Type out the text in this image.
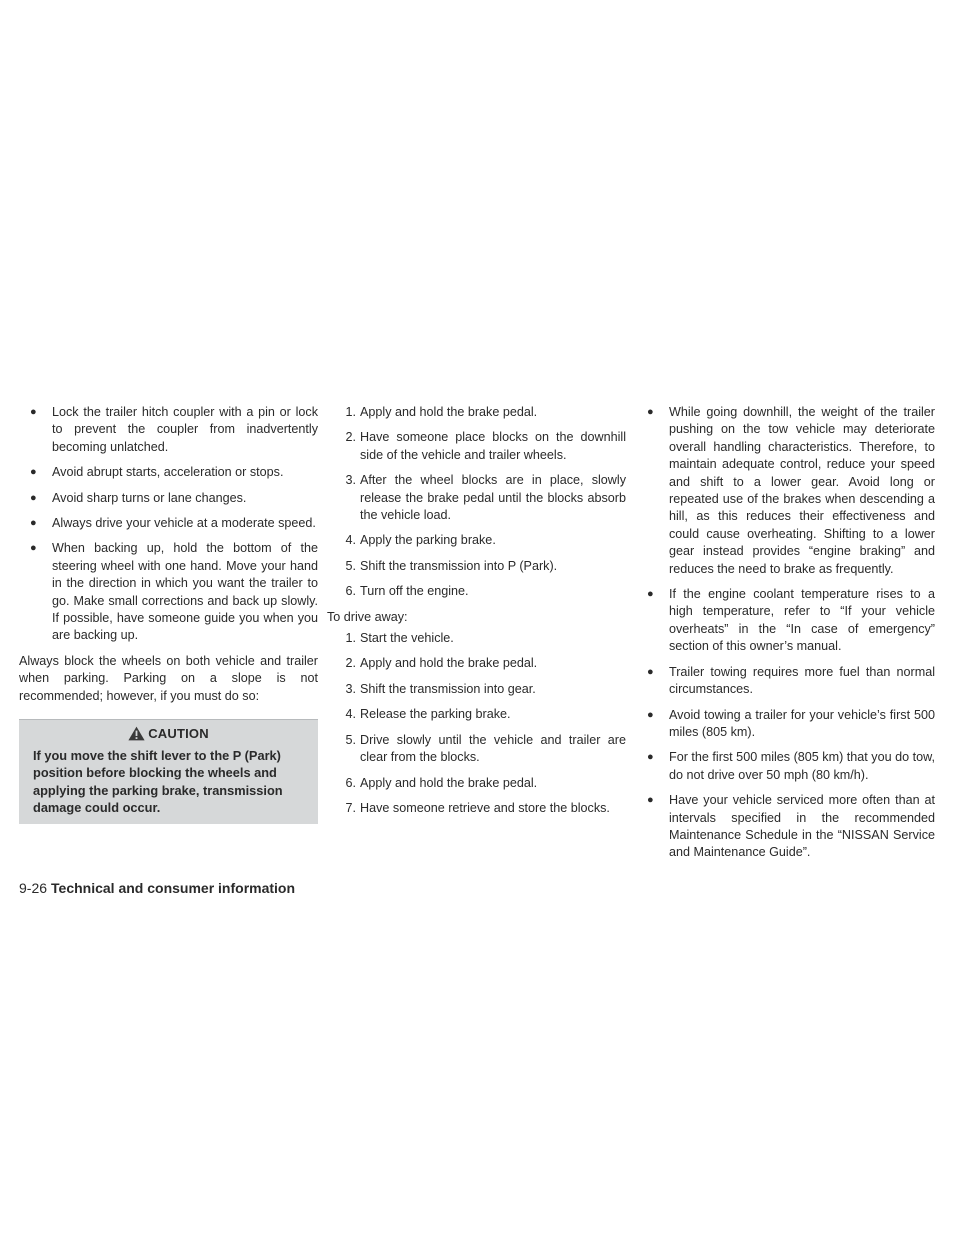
● Lock the trailer hitch coupler with a pin or lock to prevent the coupler from inadvertently becoming unlatched.
● Avoid abrupt starts, acceleration or stops.
● Avoid sharp turns or lane changes.
● Always drive your vehicle at a moderate speed.
● When backing up, hold the bottom of the steering wheel with one hand. Move your hand in the direction in which you want the trailer to go. Make small corrections and back up slowly. If possible, have someone guide you when you are backing up.

Always block the wheels on both vehicle and trailer when parking. Parking on a slope is not recommended; however, if you must do so:

CAUTION
If you move the shift lever to the P (Park) position before blocking the wheels and applying the parking brake, transmission damage could occur.
1. Apply and hold the brake pedal.
2. Have someone place blocks on the downhill side of the vehicle and trailer wheels.
3. After the wheel blocks are in place, slowly release the brake pedal until the blocks absorb the vehicle load.
4. Apply the parking brake.
5. Shift the transmission into P (Park).
6. Turn off the engine.

To drive away:

1. Start the vehicle.
2. Apply and hold the brake pedal.
3. Shift the transmission into gear.
4. Release the parking brake.
5. Drive slowly until the vehicle and trailer are clear from the blocks.
6. Apply and hold the brake pedal.
7. Have someone retrieve and store the blocks.
● While going downhill, the weight of the trailer pushing on the tow vehicle may deteriorate overall handling characteristics. Therefore, to maintain adequate control, reduce your speed and shift to a lower gear. Avoid long or repeated use of the brakes when descending a hill, as this reduces their effectiveness and could cause overheating. Shifting to a lower gear instead provides “engine braking” and reduces the need to brake as frequently.
● If the engine coolant temperature rises to a high temperature, refer to “If your vehicle overheats” in the “In case of emergency” section of this owner’s manual.
● Trailer towing requires more fuel than normal circumstances.
● Avoid towing a trailer for your vehicle’s first 500 miles (805 km).
● For the first 500 miles (805 km) that you do tow, do not drive over 50 mph (80 km/h).
● Have your vehicle serviced more often than at intervals specified in the recommended Maintenance Schedule in the “NISSAN Service and Maintenance Guide”.
9-26 Technical and consumer information
